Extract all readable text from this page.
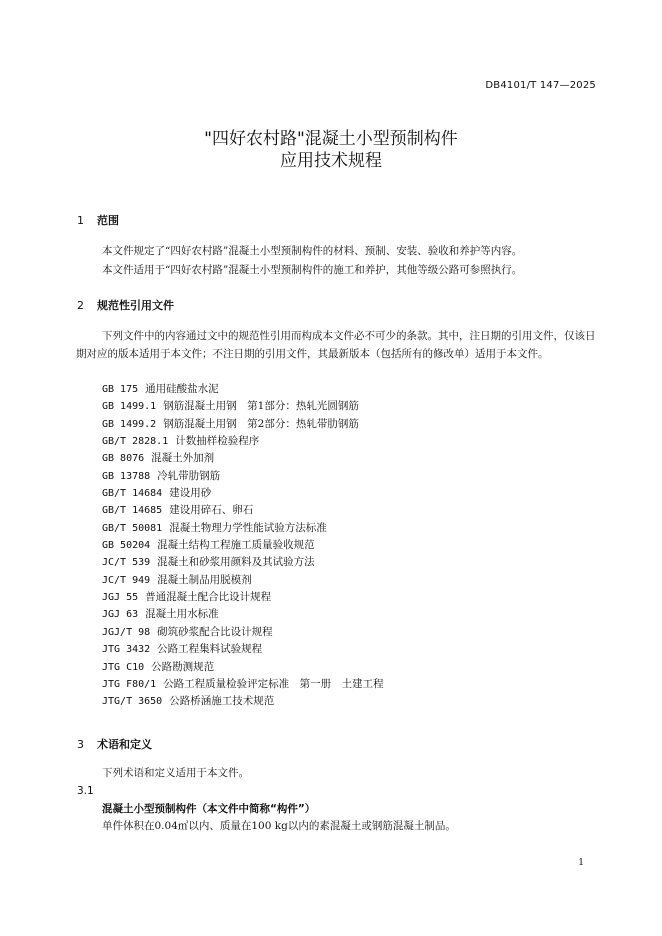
DB4101/T 147—2025
"四好农村路"混凝土小型预制构件
应用技术规程
1 范围

本文件规定了“四好农村路”混凝土小型预制构件的材料、预制、安装、验收和养护等内容。

本文件适用于“四好农村路”混凝土小型预制构件的施工和养护，其他等级公路可参照执行。

2 规范性引用文件

下列文件中的内容通过文中的规范性引用而构成本文件必不可少的条款。其中，注日期的引用文件，仅该日期对应的版本适用于本文件；不注日期的引用文件，其最新版本（包括所有的修改单）适用于本文件。

GB 175 通用硅酸盐水泥
GB 1499.1 钢筋混凝土用钢　第1部分：热轧光圆钢筋
GB 1499.2 钢筋混凝土用钢　第2部分：热轧带肋钢筋
GB/T 2828.1 计数抽样检验程序
GB 8076 混凝土外加剂
GB 13788 冷轧带肋钢筋
GB/T 14684 建设用砂
GB/T 14685 建设用碎石、卵石
GB/T 50081 混凝土物理力学性能试验方法标准
GB 50204 混凝土结构工程施工质量验收规范
JC/T 539 混凝土和砂浆用颜料及其试验方法
JC/T 949 混凝土制品用脱模剂
JGJ 55 普通混凝土配合比设计规程
JGJ 63 混凝土用水标准
JGJ/T 98 砌筑砂浆配合比设计规程
JTG 3432 公路工程集料试验规程
JTG C10 公路勘测规范
JTG F80/1 公路工程质量检验评定标准　第一册　土建工程
JTG/T 3650 公路桥涵施工技术规范
3 术语和定义

下列术语和定义适用于本文件。

3.1
混凝土小型预制构件（本文件中简称“构件”）
单件体积在0.04㎥以内、质量在100 kg以内的素混凝土或钢筋混凝土制品。
1
